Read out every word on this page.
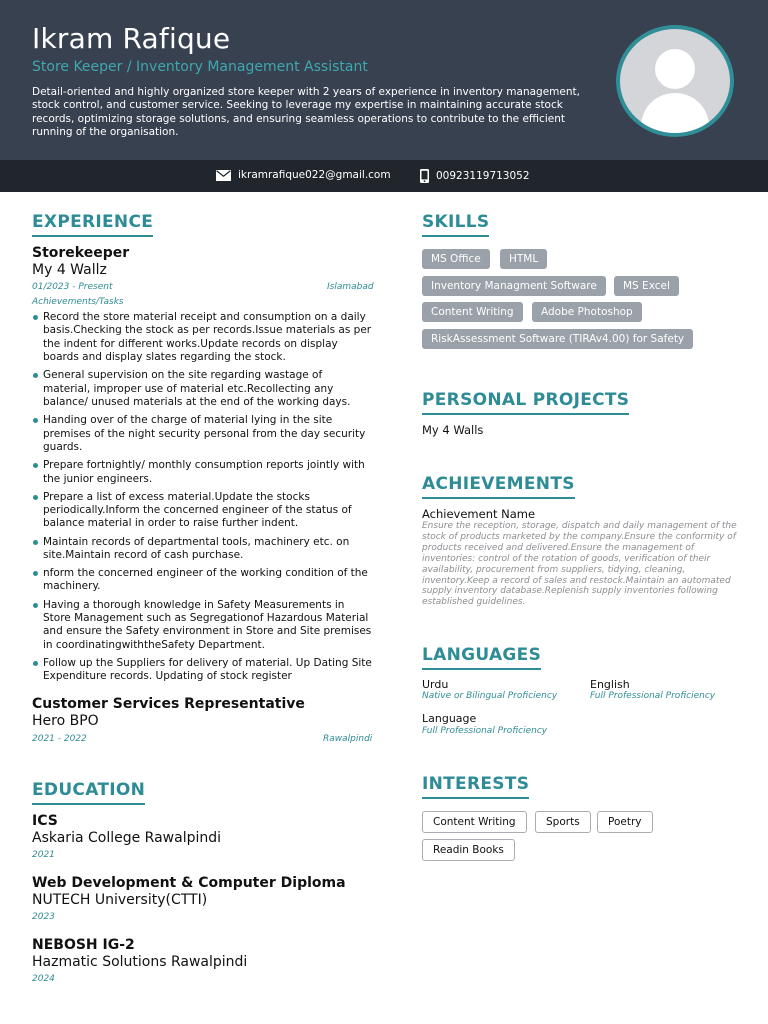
Ikram Rafique
Store Keeper / Inventory Management Assistant
Detail-oriented and highly organized store keeper with 2 years of experience in inventory management, stock control, and customer service. Seeking to leverage my expertise in maintaining accurate stock records, optimizing storage solutions, and ensuring seamless operations to contribute to the efficient running of the organisation.
ikramrafique022@gmail.com	00923119713052
EXPERIENCE
Storekeeper
My 4 Wallz
01/2023 - Present	Islamabad
Achievements/Tasks
Record the store material receipt and consumption on a daily basis.Checking the stock as per records.Issue materials as per the indent for different works.Update records on display boards and display slates regarding the stock.
General supervision on the site regarding wastage of material, improper use of material etc.Recollecting any balance/ unused materials at the end of the working days.
Handing over of the charge of material lying in the site premises of the night security personal from the day security guards.
Prepare fortnightly/ monthly consumption reports jointly with the junior engineers.
Prepare a list of excess material.Update the stocks periodically.Inform the concerned engineer of the status of balance material in order to raise further indent.
Maintain records of departmental tools, machinery etc. on site.Maintain record of cash purchase.
nform the concerned engineer of the working condition of the machinery.
Having a thorough knowledge in Safety Measurements in Store Management such as Segregationof Hazardous Material and ensure the Safety environment in Store and Site premises in coordinatingwiththeSafety Department.
Follow up the Suppliers for delivery of material. Up Dating Site Expenditure records. Updating of stock register
Customer Services Representative
Hero BPO
2021 - 2022	Rawalpindi
EDUCATION
ICS
Askaria College Rawalpindi
2021
Web Development & Computer Diploma
NUTECH University(CTTI)
2023
NEBOSH IG-2
Hazmatic Solutions Rawalpindi
2024
SKILLS
MS Office	HTML
Inventory Managment Software	MS Excel
Content Writing	Adobe Photoshop
RiskAssessment Software (TIRAv4.00) for Safety
PERSONAL PROJECTS
My 4 Walls
ACHIEVEMENTS
Achievement Name
Ensure the reception, storage, dispatch and daily management of the stock of products marketed by the company.Ensure the conformity of products received and delivered.Ensure the management of inventories: control of the rotation of goods, verification of their availability, procurement from suppliers, tidying, cleaning, inventory.Keep a record of sales and restock.Maintain an automated supply inventory database.Replenish supply inventories following established guidelines.
LANGUAGES
Urdu
Native or Bilingual Proficiency
English
Full Professional Proficiency
Language
Full Professional Proficiency
INTERESTS
Content Writing	Sports	Poetry
Readin Books
